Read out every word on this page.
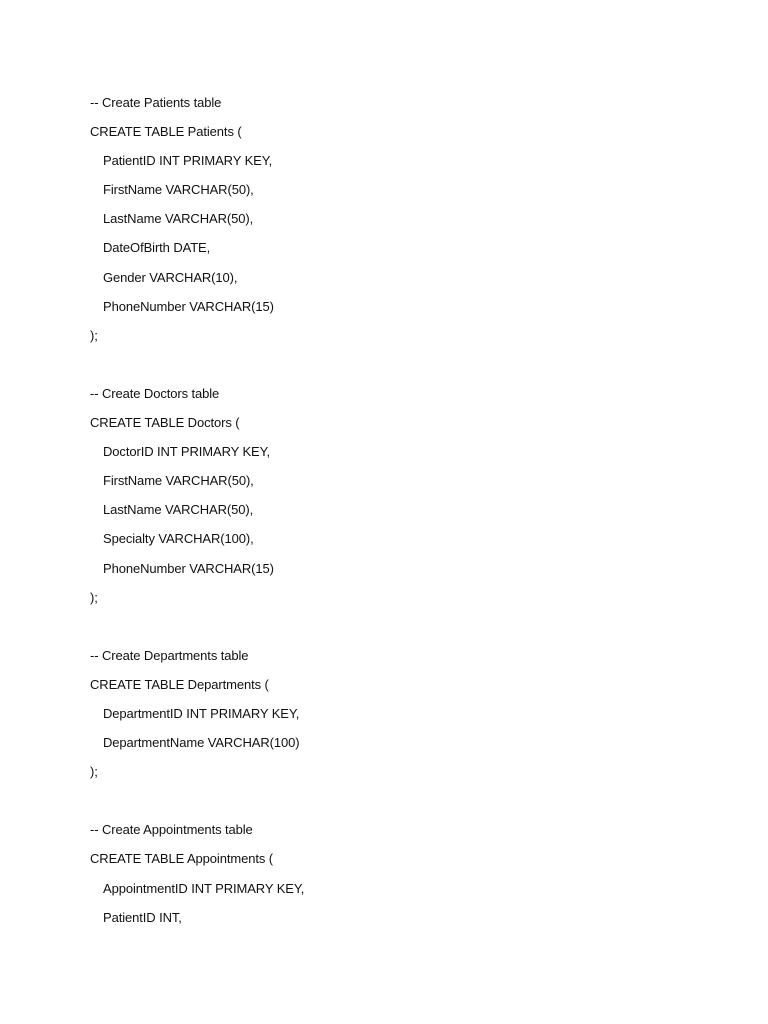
-- Create Patients table
CREATE TABLE Patients (
PatientID INT PRIMARY KEY,
FirstName VARCHAR(50),
LastName VARCHAR(50),
DateOfBirth DATE,
Gender VARCHAR(10),
PhoneNumber VARCHAR(15)
);
-- Create Doctors table
CREATE TABLE Doctors (
DoctorID INT PRIMARY KEY,
FirstName VARCHAR(50),
LastName VARCHAR(50),
Specialty VARCHAR(100),
PhoneNumber VARCHAR(15)
);
-- Create Departments table
CREATE TABLE Departments (
DepartmentID INT PRIMARY KEY,
DepartmentName VARCHAR(100)
);
-- Create Appointments table
CREATE TABLE Appointments (
AppointmentID INT PRIMARY KEY,
PatientID INT,
